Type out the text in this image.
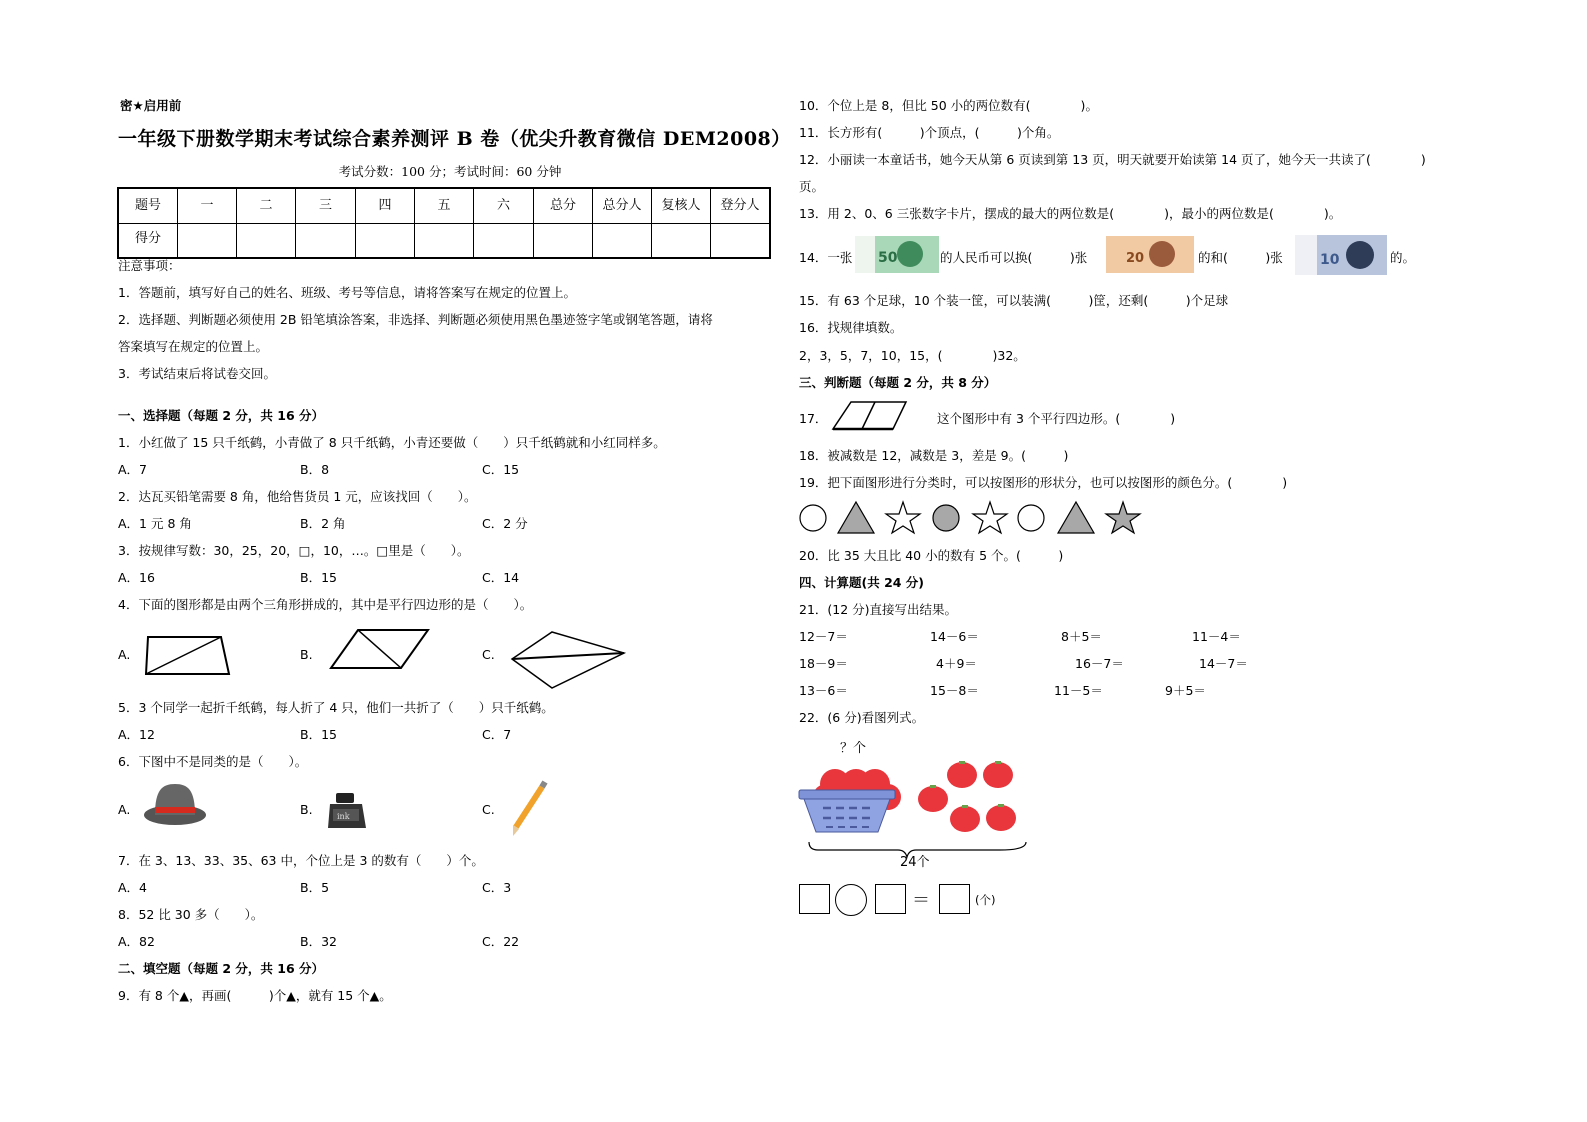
密★启用前
一年级下册数学期末考试综合素养测评 B 卷（优尖升教育微信 DEM2008）
考试分数：100 分；考试时间：60 分钟
题号	一	二	三	四	五	六	总分	总分人	复核人	登分人
得分										
注意事项：
1．答题前，填写好自己的姓名、班级、考号等信息，请将答案写在规定的位置上。
2．选择题、判断题必须使用 2B 铅笔填涂答案，非选择、判断题必须使用黑色墨迹签字笔或钢笔答题，请将
答案填写在规定的位置上。
3．考试结束后将试卷交回。
一、选择题（每题 2 分，共 16 分）
1．小红做了 15 只千纸鹤，小青做了 8 只千纸鹤，小青还要做（　　）只千纸鹤就和小红同样多。
A．7	B．8	C．15
2．达瓦买铅笔需要 8 角，他给售货员 1 元，应该找回（　　）。
A．1 元 8 角	B．2 角	C．2 分
3．按规律写数：30，25，20，□，10，…。□里是（　　）。
A．16	B．15	C．14
4．下面的图形都是由两个三角形拼成的，其中是平行四边形的是（　　）。
A.	B.	C.
5．3 个同学一起折千纸鹤，每人折了 4 只，他们一共折了（　　）只千纸鹤。
A．12	B．15	C．7
6．下图中不是同类的是（　　）。
A.	B.	C.
ink
7．在 3、13、33、35、63 中，个位上是 3 的数有（　　）个。
A．4	B．5	C．3
8．52 比 30 多（　　）。
A．82	B．32	C．22
二、填空题（每题 2 分，共 16 分）
9．有 8 个▲，再画(　　　)个▲，就有 15 个▲。
10．个位上是 8，但比 50 小的两位数有(　　　　)。
11．长方形有(　　　)个顶点，(　　　)个角。
12．小丽读一本童话书，她今天从第 6 页读到第 13 页，明天就要开始读第 14 页了，她今天一共读了(　　　　)
页。
13．用 2、0、6 三张数字卡片，摆成的最大的两位数是(　　　　)，最小的两位数是(　　　　)。
14．一张 50	的人民币可以换(　　　)张	20	的和(　　　)张	10	的。
15．有 63 个足球，10 个装一筐，可以装满(　　　)筐，还剩(　　　)个足球
16．找规律填数。
2，3，5，7，10，15，(　　　　)32。
三、判断题（每题 2 分，共 8 分）
17．	这个图形中有 3 个平行四边形。(　　　　)
18．被减数是 12，减数是 3，差是 9。(　　　)
19．把下面图形进行分类时，可以按图形的形状分，也可以按图形的颜色分。(　　　　)
20．比 35 大且比 40 小的数有 5 个。(　　　)
四、计算题(共 24 分)
21．(12 分)直接写出结果。
12－7＝	14－6＝	8＋5＝	11－4＝
18－9＝	4＋9＝	16－7＝	14－7＝
13－6＝	15－8＝	11－5＝	9＋5＝
22．(6 分)看图列式。
？个
24个
＝	(个)
